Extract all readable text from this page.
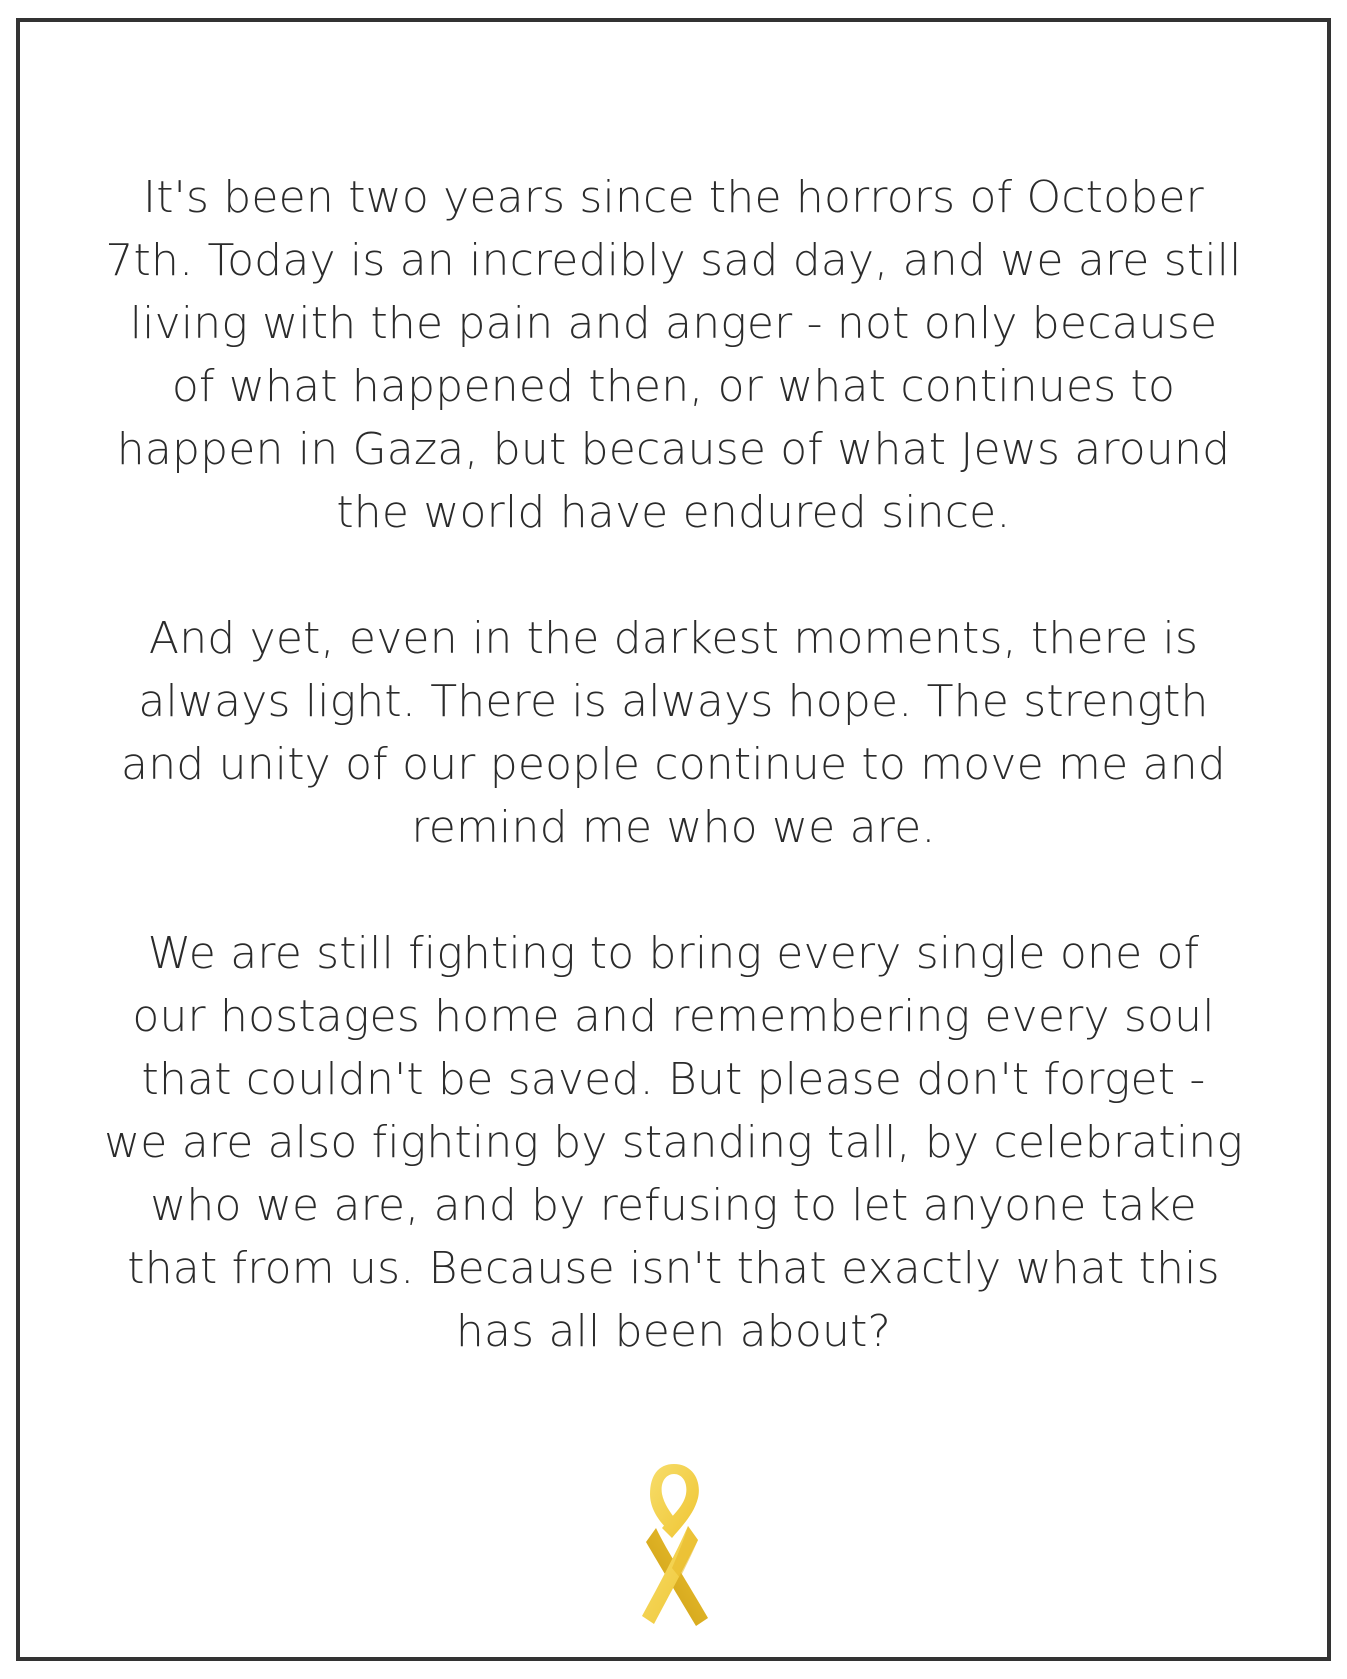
It's been two years since the horrors of October
7th. Today is an incredibly sad day, and we are still
living with the pain and anger - not only because
of what happened then, or what continues to
happen in Gaza, but because of what Jews around
the world have endured since.

And yet, even in the darkest moments, there is
always light. There is always hope. The strength
and unity of our people continue to move me and
remind me who we are.

We are still fighting to bring every single one of
our hostages home and remembering every soul
that couldn't be saved. But please don't forget -
we are also fighting by standing tall, by celebrating
who we are, and by refusing to let anyone take
that from us. Because isn't that exactly what this
has all been about?
